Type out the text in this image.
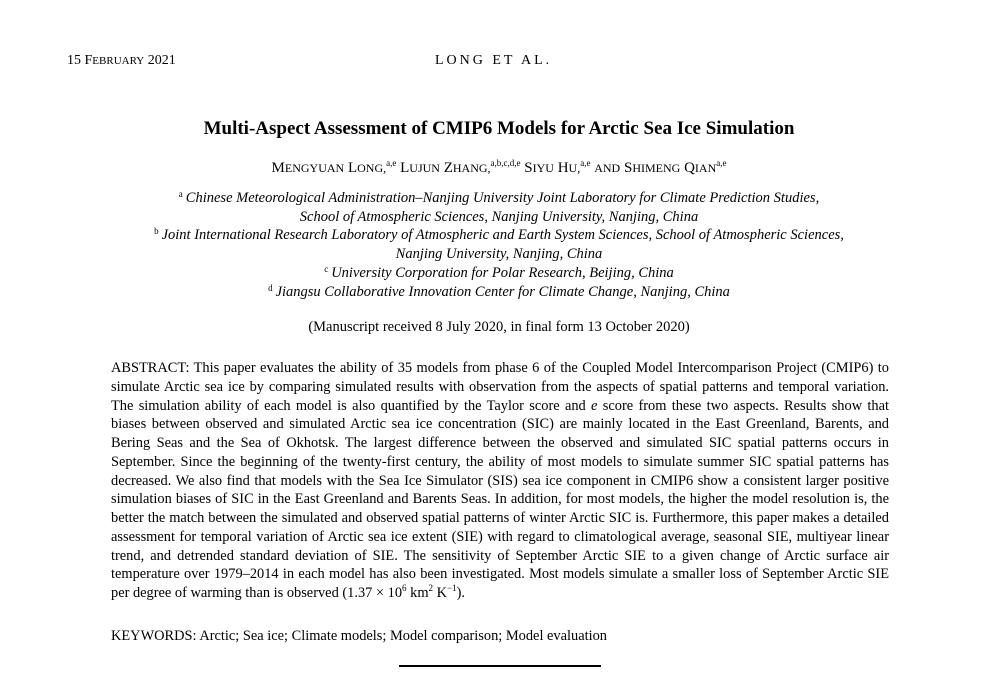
15 FEBRUARY 2021	LONG ET AL.
Multi-Aspect Assessment of CMIP6 Models for Arctic Sea Ice Simulation
MENGYUAN LONG,$^{a,e}$ LUJUN ZHANG,$^{a,b,c,d,e}$ SIYU HU,$^{a,e}$ AND SHIMENG QIAN$^{a,e}$
$^a$ Chinese Meteorological Administration–Nanjing University Joint Laboratory for Climate Prediction Studies,
School of Atmospheric Sciences, Nanjing University, Nanjing, China
$^b$ Joint International Research Laboratory of Atmospheric and Earth System Sciences, School of Atmospheric Sciences,
Nanjing University, Nanjing, China
$^c$ University Corporation for Polar Research, Beijing, China
$^d$ Jiangsu Collaborative Innovation Center for Climate Change, Nanjing, China
(Manuscript received 8 July 2020, in final form 13 October 2020)
ABSTRACT: This paper evaluates the ability of 35 models from phase 6 of the Coupled Model Intercomparison Project (CMIP6) to simulate Arctic sea ice by comparing simulated results with observation from the aspects of spatial patterns and temporal variation. The simulation ability of each model is also quantified by the Taylor score and e score from these two aspects. Results show that biases between observed and simulated Arctic sea ice concentration (SIC) are mainly located in the East Greenland, Barents, and Bering Seas and the Sea of Okhotsk. The largest difference between the observed and simulated SIC spatial patterns occurs in September. Since the beginning of the twenty-first century, the ability of most models to simulate summer SIC spatial patterns has decreased. We also find that models with the Sea Ice Simulator (SIS) sea ice component in CMIP6 show a consistent larger positive simulation biases of SIC in the East Greenland and Barents Seas. In addition, for most models, the higher the model resolution is, the better the match between the simulated and observed spatial patterns of winter Arctic SIC is. Furthermore, this paper makes a detailed assessment for temporal variation of Arctic sea ice extent (SIE) with regard to climatological average, seasonal SIE, multiyear linear trend, and detrended standard deviation of SIE. The sensitivity of September Arctic SIE to a given change of Arctic surface air temperature over 1979–2014 in each model has also been investigated. Most models simulate a smaller loss of September Arctic SIE per degree of warming than is observed ($1.37 \times 10^6$ $km^2$ $K^{-1}$).
KEYWORDS: Arctic; Sea ice; Climate models; Model comparison; Model evaluation
